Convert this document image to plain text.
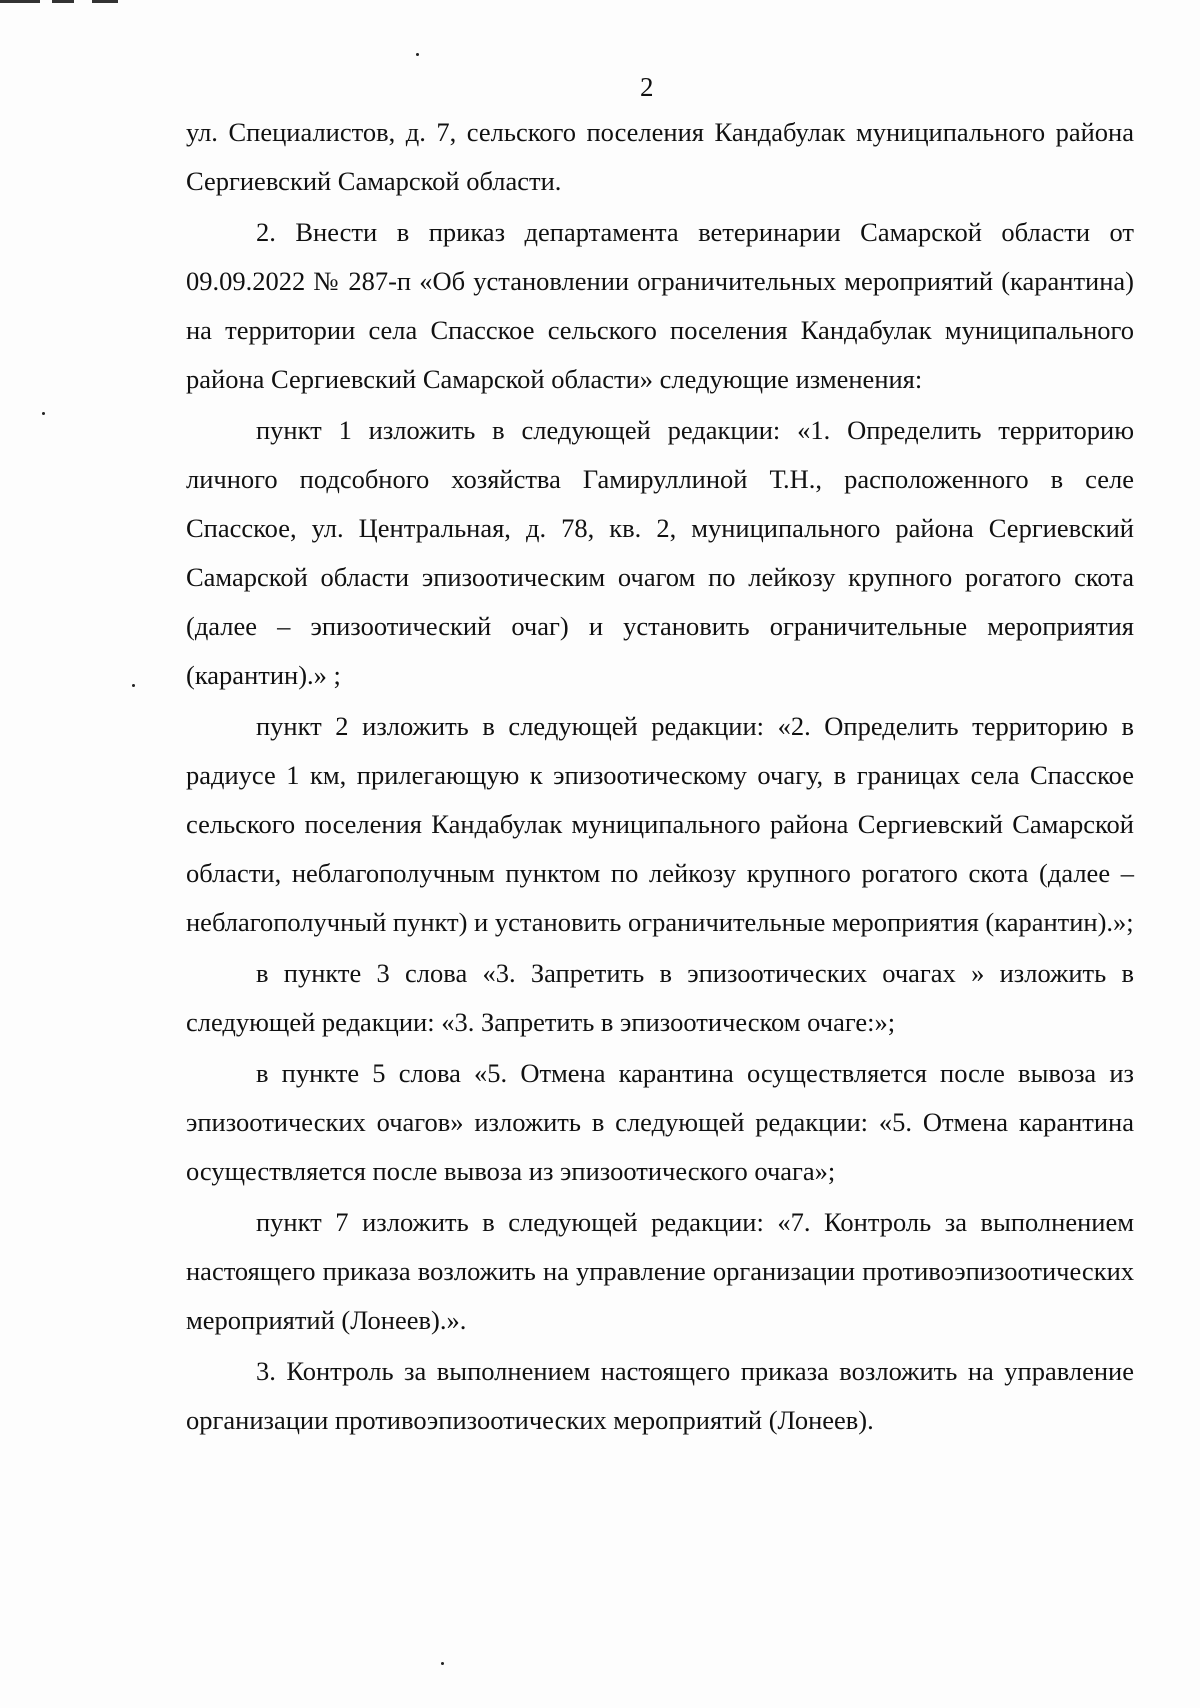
2

ул. Специалистов, д. 7, сельского поселения Кандабулак муниципального района Сергиевский Самарской области.

2. Внести в приказ департамента ветеринарии Самарской области от 09.09.2022 № 287-п «Об установлении ограничительных мероприятий (карантина) на территории села Спасское сельского поселения Кандабулак муниципального района Сергиевский Самарской области» следующие изменения:

пункт 1 изложить в следующей редакции: «1. Определить территорию личного подсобного хозяйства Гамируллиной Т.Н., расположенного в селе Спасское, ул. Центральная, д. 78, кв. 2, муниципального района Сергиевский Самарской области эпизоотическим очагом по лейкозу крупного рогатого скота (далее – эпизоотический очаг) и установить ограничительные мероприятия (карантин).» ;

пункт 2 изложить в следующей редакции: «2. Определить территорию в радиусе 1 км, прилегающую к эпизоотическому очагу, в границах села Спасское сельского поселения Кандабулак муниципального района Сергиевский Самарской области, неблагополучным пунктом по лейкозу крупного рогатого скота (далее – неблагополучный пункт) и установить ограничительные мероприятия (карантин).»;

в пункте 3 слова «3. Запретить в эпизоотических очагах » изложить в следующей редакции: «3. Запретить в эпизоотическом очаге:»;

в пункте 5 слова «5. Отмена карантина осуществляется после вывоза из эпизоотических очагов» изложить в следующей редакции: «5. Отмена карантина осуществляется после вывоза из эпизоотического очага»;

пункт 7 изложить в следующей редакции: «7. Контроль за выполнением настоящего приказа возложить на управление организации противоэпизоотических мероприятий (Лонеев).».

3. Контроль за выполнением настоящего приказа возложить на управление организации противоэпизоотических мероприятий (Лонеев).
